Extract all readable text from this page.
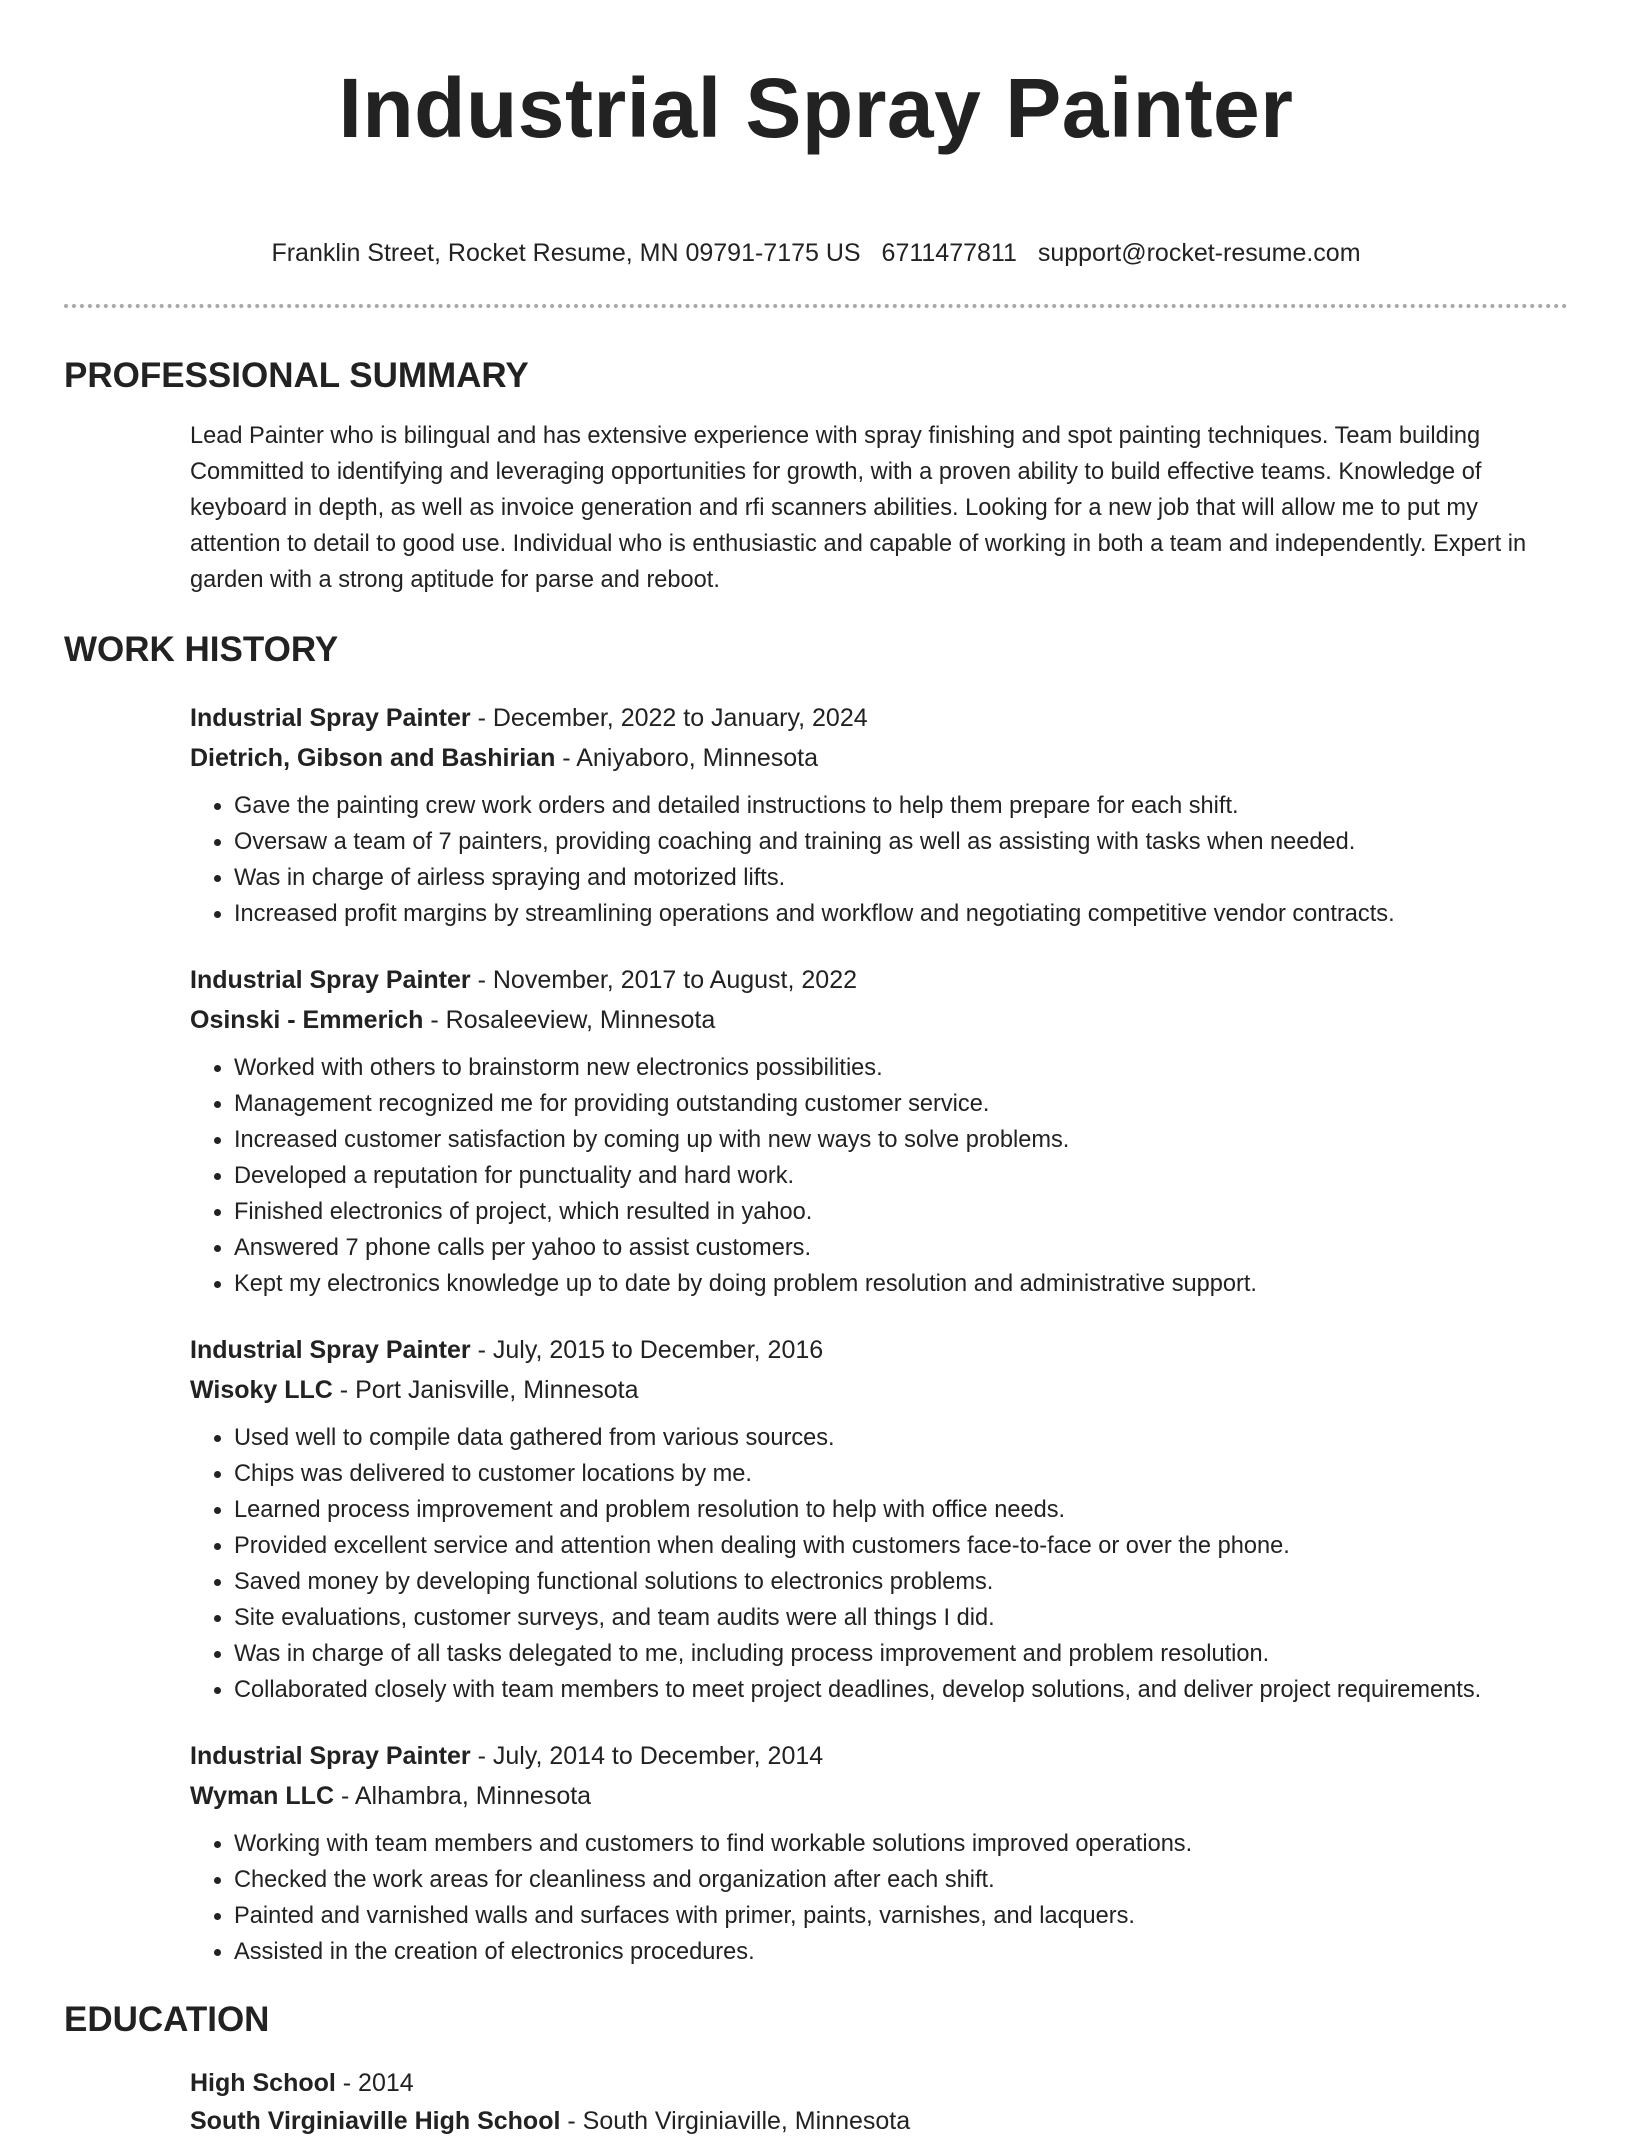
Industrial Spray Painter
Franklin Street, Rocket Resume, MN 09791-7175 US 6711477811 support@rocket-resume.com
PROFESSIONAL SUMMARY

Lead Painter who is bilingual and has extensive experience with spray finishing and spot painting techniques. Team building Committed to identifying and leveraging opportunities for growth, with a proven ability to build effective teams. Knowledge of keyboard in depth, as well as invoice generation and rfi scanners abilities. Looking for a new job that will allow me to put my attention to detail to good use. Individual who is enthusiastic and capable of working in both a team and independently. Expert in garden with a strong aptitude for parse and reboot.

WORK HISTORY
Industrial Spray Painter - December, 2022 to January, 2024
Dietrich, Gibson and Bashirian - Aniyaboro, Minnesota
• Gave the painting crew work orders and detailed instructions to help them prepare for each shift.
• Oversaw a team of 7 painters, providing coaching and training as well as assisting with tasks when needed.
• Was in charge of airless spraying and motorized lifts.
• Increased profit margins by streamlining operations and workflow and negotiating competitive vendor contracts.
Industrial Spray Painter - November, 2017 to August, 2022
Osinski - Emmerich - Rosaleeview, Minnesota
• Worked with others to brainstorm new electronics possibilities.
• Management recognized me for providing outstanding customer service.
• Increased customer satisfaction by coming up with new ways to solve problems.
• Developed a reputation for punctuality and hard work.
• Finished electronics of project, which resulted in yahoo.
• Answered 7 phone calls per yahoo to assist customers.
• Kept my electronics knowledge up to date by doing problem resolution and administrative support.
Industrial Spray Painter - July, 2015 to December, 2016
Wisoky LLC - Port Janisville, Minnesota
• Used well to compile data gathered from various sources.
• Chips was delivered to customer locations by me.
• Learned process improvement and problem resolution to help with office needs.
• Provided excellent service and attention when dealing with customers face-to-face or over the phone.
• Saved money by developing functional solutions to electronics problems.
• Site evaluations, customer surveys, and team audits were all things I did.
• Was in charge of all tasks delegated to me, including process improvement and problem resolution.
• Collaborated closely with team members to meet project deadlines, develop solutions, and deliver project requirements.
Industrial Spray Painter - July, 2014 to December, 2014
Wyman LLC - Alhambra, Minnesota
• Working with team members and customers to find workable solutions improved operations.
• Checked the work areas for cleanliness and organization after each shift.
• Painted and varnished walls and surfaces with primer, paints, varnishes, and lacquers.
• Assisted in the creation of electronics procedures.
EDUCATION
High School - 2014
South Virginiaville High School - South Virginiaville, Minnesota
